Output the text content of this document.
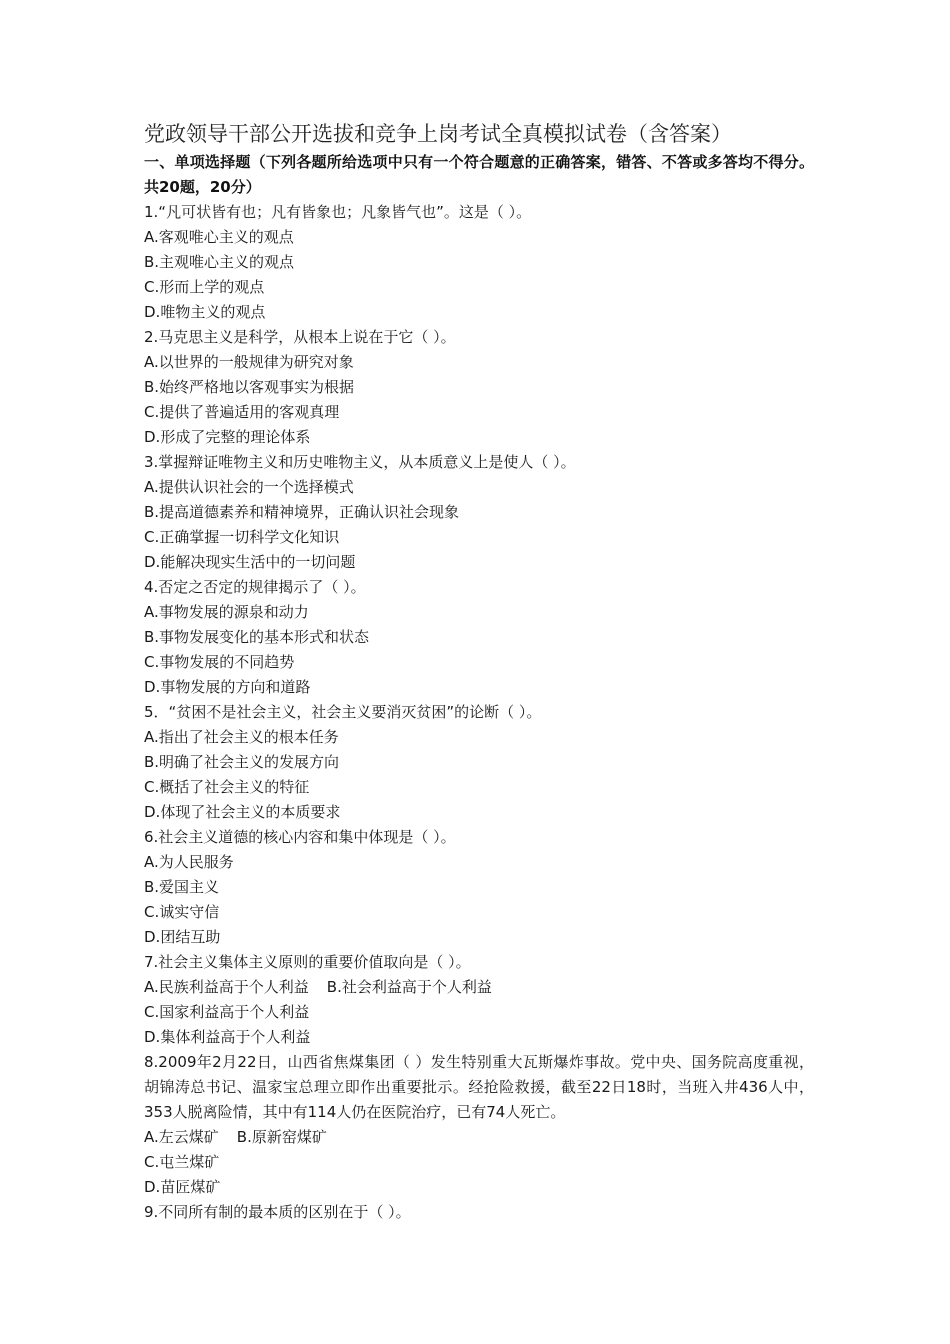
党政领导干部公开选拔和竞争上岗考试全真模拟试卷（含答案）

一、单项选择题（下列各题所给选项中只有一个符合题意的正确答案，错答、不答或多答均不得分。共20题，20分）

1.“凡可状皆有也；凡有皆象也；凡象皆气也”。这是（ ）。

A.客观唯心主义的观点

B.主观唯心主义的观点

C.形而上学的观点

D.唯物主义的观点

2.马克思主义是科学，从根本上说在于它（ ）。

A.以世界的一般规律为研究对象

B.始终严格地以客观事实为根据

C.提供了普遍适用的客观真理

D.形成了完整的理论体系

3.掌握辩证唯物主义和历史唯物主义，从本质意义上是使人（ ）。

A.提供认识社会的一个选择模式

B.提高道德素养和精神境界，正确认识社会现象

C.正确掌握一切科学文化知识

D.能解决现实生活中的一切问题

4.否定之否定的规律揭示了（ ）。

A.事物发展的源泉和动力

B.事物发展变化的基本形式和状态

C.事物发展的不同趋势

D.事物发展的方向和道路

5．“贫困不是社会主义，社会主义要消灭贫困”的论断（ ）。

A.指出了社会主义的根本任务

B.明确了社会主义的发展方向

C.概括了社会主义的特征

D.体现了社会主义的本质要求

6.社会主义道德的核心内容和集中体现是（ ）。

A.为人民服务

B.爱国主义

C.诚实守信

D.团结互助

7.社会主义集体主义原则的重要价值取向是（ ）。

A.民族利益高于个人利益 B.社会利益高于个人利益

C.国家利益高于个人利益

D.集体利益高于个人利益

8.2009年2月22日，山西省焦煤集团（ ）发生特别重大瓦斯爆炸事故。党中央、国务院高度重视，胡锦涛总书记、温家宝总理立即作出重要批示。经抢险救援，截至22日18时，当班入井436人中，353人脱离险情，其中有114人仍在医院治疗，已有74人死亡。

A.左云煤矿 B.原新窑煤矿

C.屯兰煤矿

D.苗匠煤矿

9.不同所有制的最本质的区别在于（ ）。
